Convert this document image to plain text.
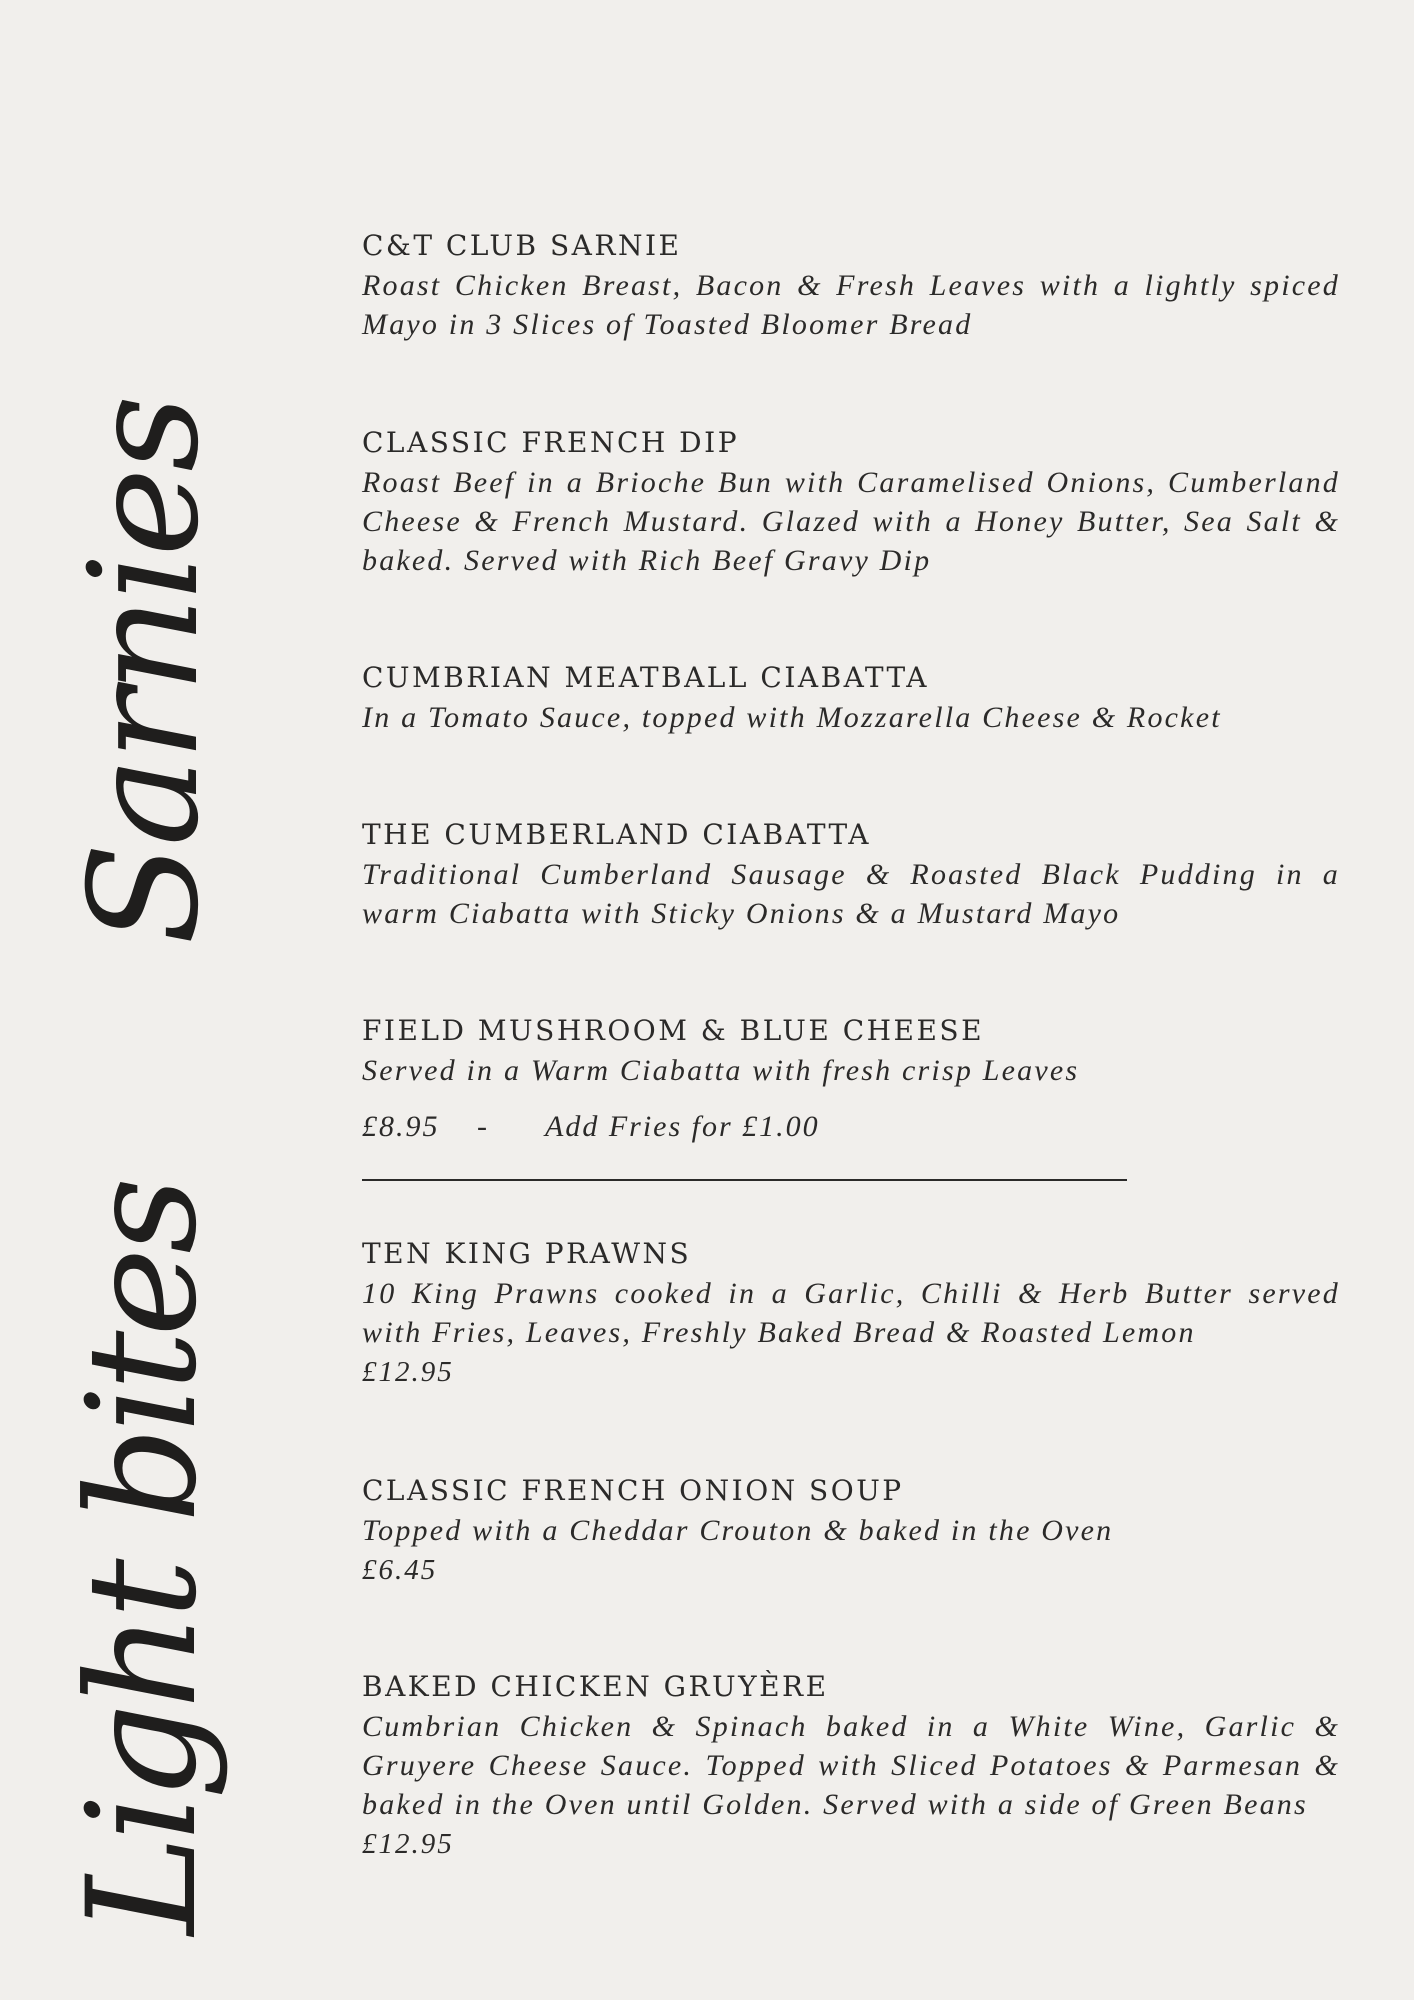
Sarnies
Light bites

C&T CLUB SARNIE

Roast Chicken Breast, Bacon & Fresh Leaves with a lightly spiced Mayo in 3 Slices of Toasted Bloomer Bread

CLASSIC FRENCH DIP

Roast Beef in a Brioche Bun with Caramelised Onions, Cumberland Cheese & French Mustard. Glazed with a Honey Butter, Sea Salt & baked. Served with Rich Beef Gravy Dip

CUMBRIAN MEATBALL CIABATTA

In a Tomato Sauce, topped with Mozzarella Cheese & Rocket

THE CUMBERLAND CIABATTA

Traditional Cumberland Sausage & Roasted Black Pudding in a warm Ciabatta with Sticky Onions & a Mustard Mayo

FIELD MUSHROOM & BLUE CHEESE

Served in a Warm Ciabatta with fresh crisp Leaves

£8.95	-	Add Fries for £1.00

TEN KING PRAWNS

10 King Prawns cooked in a Garlic, Chilli & Herb Butter served with Fries, Leaves, Freshly Baked Bread & Roasted Lemon

£12.95

CLASSIC FRENCH ONION SOUP

Topped with a Cheddar Crouton & baked in the Oven

£6.45

BAKED CHICKEN GRUYÈRE

Cumbrian Chicken & Spinach baked in a White Wine, Garlic & Gruyere Cheese Sauce. Topped with Sliced Potatoes & Parmesan & baked in the Oven until Golden. Served with a side of Green Beans

£12.95
